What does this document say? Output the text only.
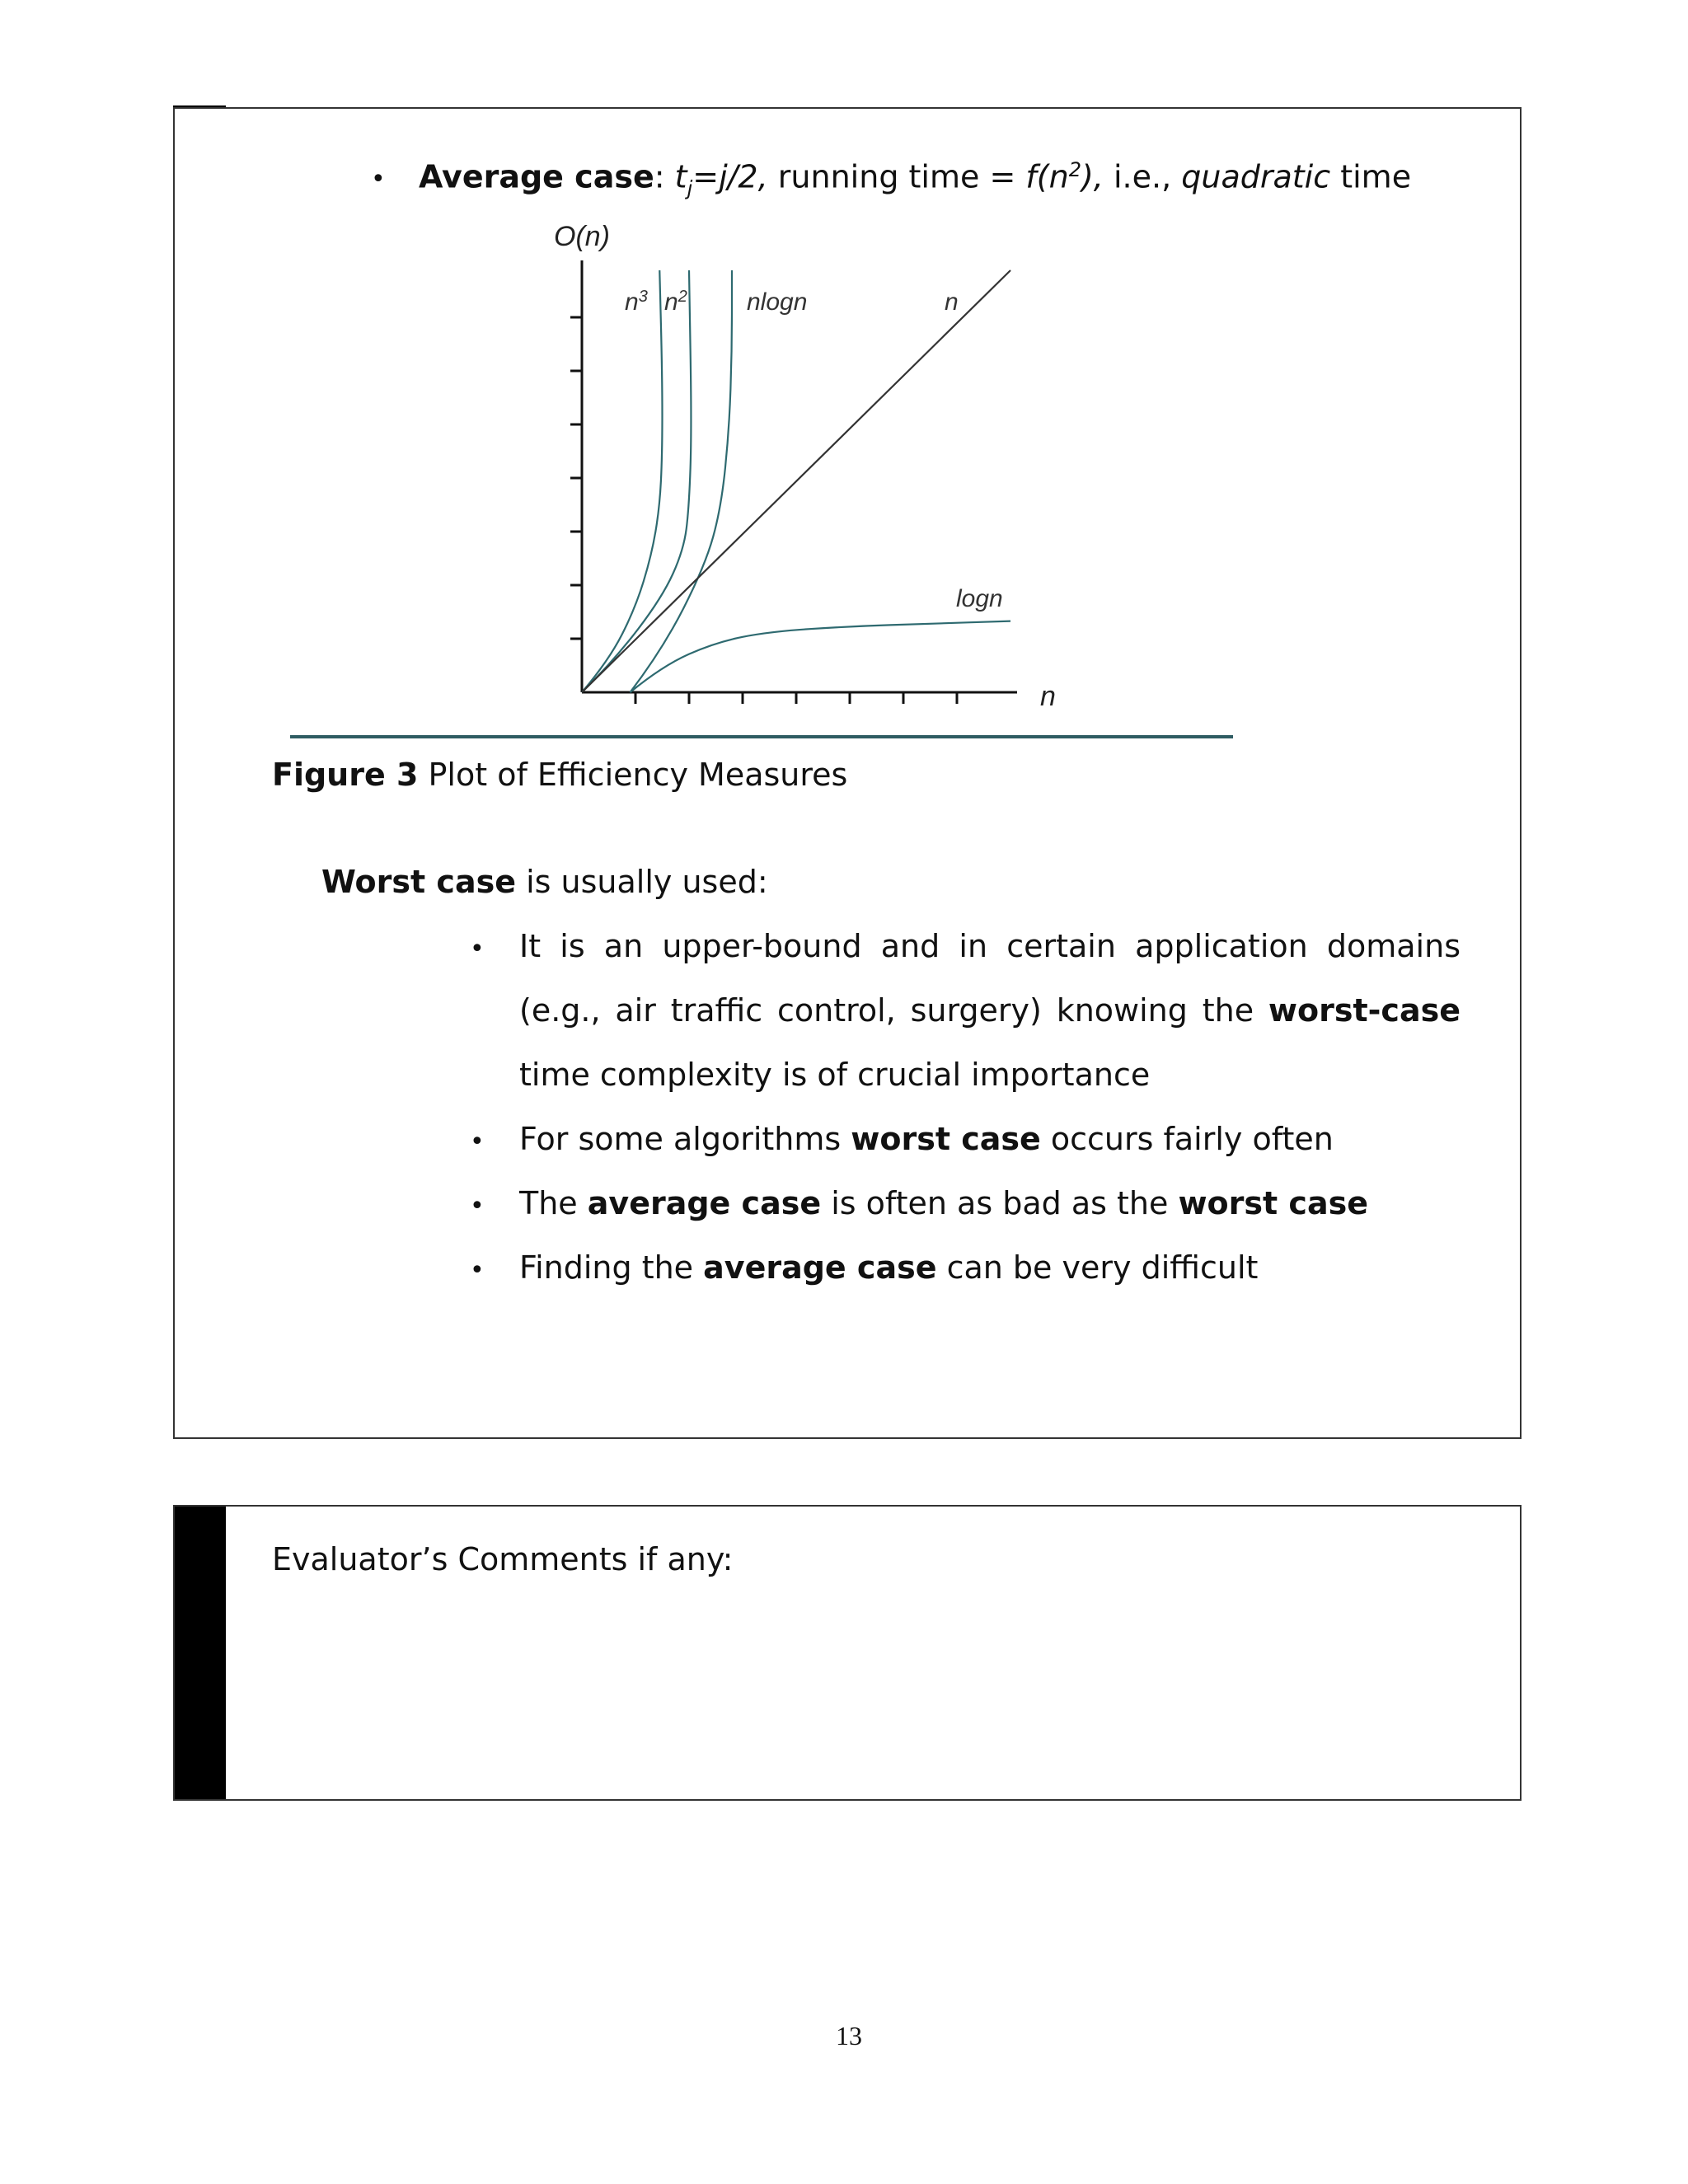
• Average case: $t_j=j/2$, running time = $f(n^2)$, i.e., quadratic time
O(n)
n
$n^3$ $n^2$ nlogn	n
logn
Figure 3 Plot of Efficiency Measures
Worst case is usually used:
• It is an upper-bound and in certain application domains
(e.g., air traffic control, surgery) knowing the worst-case
time complexity is of crucial importance
• For some algorithms worst case occurs fairly often
• The average case is often as bad as the worst case
• Finding the average case can be very difficult
Evaluator’s Comments if any:
13
